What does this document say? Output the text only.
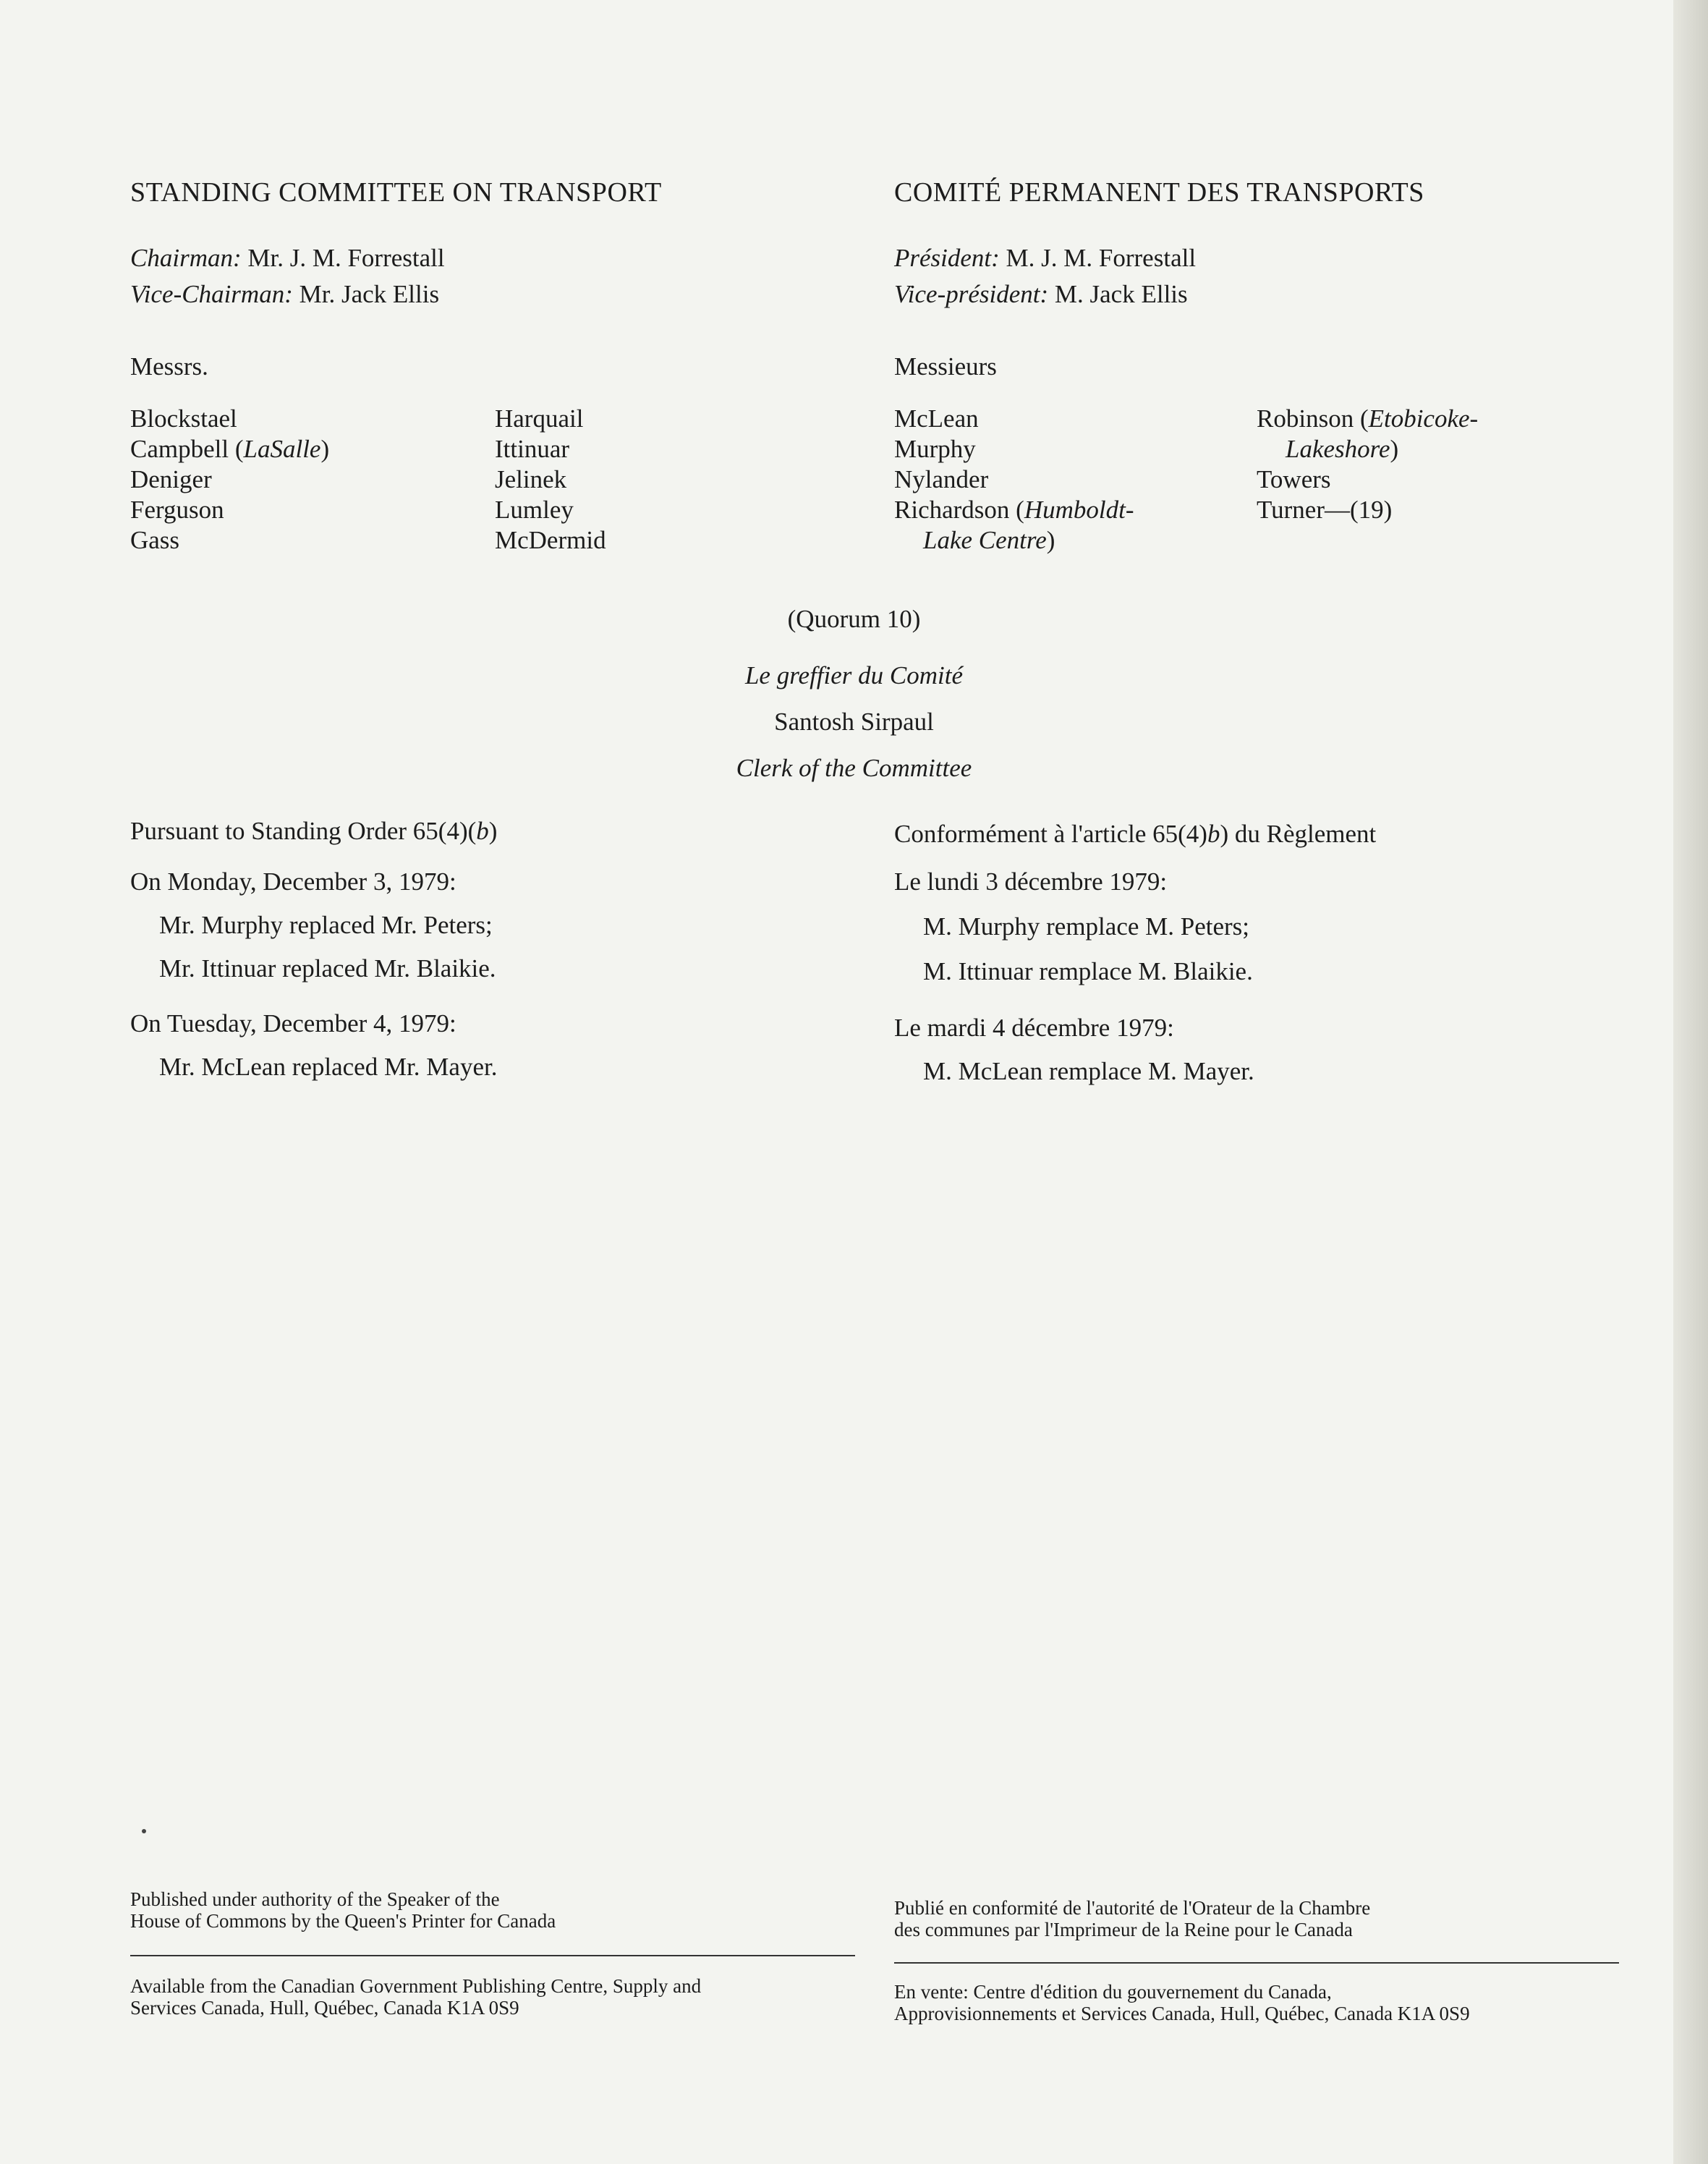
STANDING COMMITTEE ON TRANSPORT	COMITÉ PERMANENT DES TRANSPORTS
Chairman: Mr. J. M. Forrestall
Vice-Chairman: Mr. Jack Ellis
Président: M. J. M. Forrestall
Vice-président: M. Jack Ellis
Messrs.	Messieurs
Blockstael
Campbell (LaSalle)
Deniger
Ferguson
Gass
Harquail
Ittinuar
Jelinek
Lumley
McDermid
McLean
Murphy
Nylander
Richardson (Humboldt-
Lake Centre)
Robinson (Etobicoke-
Lakeshore)
Towers
Turner—(19)
(Quorum 10)
Le greffier du Comité
Santosh Sirpaul
Clerk of the Committee
Pursuant to Standing Order 65(4)(b)
On Monday, December 3, 1979:
Mr. Murphy replaced Mr. Peters;
Mr. Ittinuar replaced Mr. Blaikie.
On Tuesday, December 4, 1979:
Mr. McLean replaced Mr. Mayer.
Conformément à l'article 65(4)b) du Règlement
Le lundi 3 décembre 1979:
M. Murphy remplace M. Peters;
M. Ittinuar remplace M. Blaikie.
Le mardi 4 décembre 1979:
M. McLean remplace M. Mayer.
Published under authority of the Speaker of the
House of Commons by the Queen's Printer for Canada
Publié en conformité de l'autorité de l'Orateur de la Chambre
des communes par l'Imprimeur de la Reine pour le Canada
Available from the Canadian Government Publishing Centre, Supply and
Services Canada, Hull, Québec, Canada K1A 0S9
En vente: Centre d'édition du gouvernement du Canada,
Approvisionnements et Services Canada, Hull, Québec, Canada K1A 0S9
